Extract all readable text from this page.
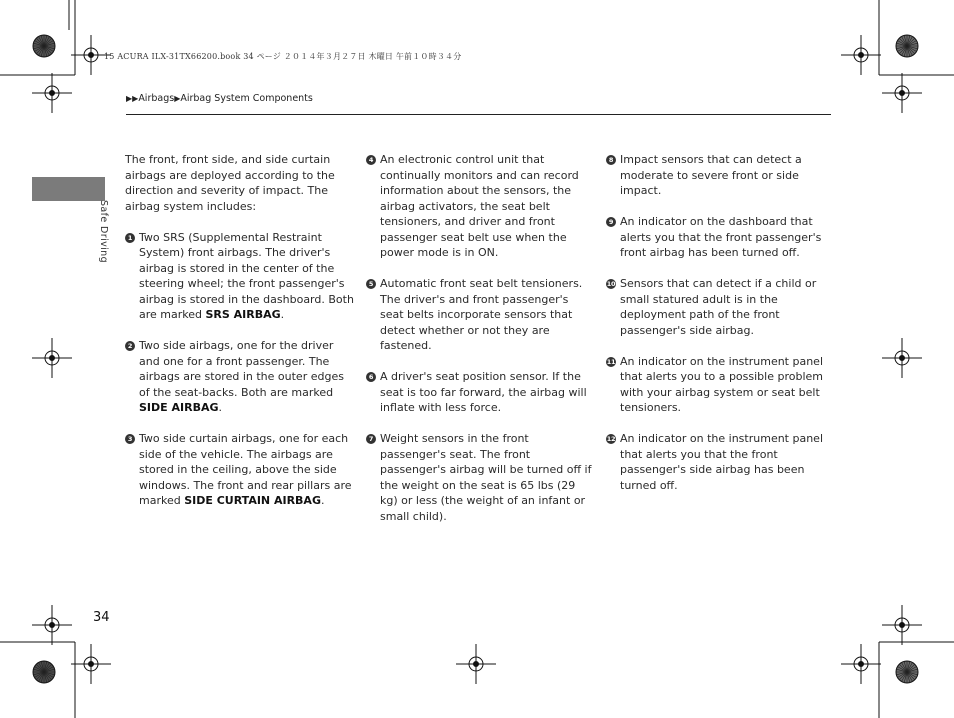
15 ACURA ILX-31TX66200.book 34 ページ ２０１４年３月２７日 木曜日 午前１０時３４分
▶▶Airbags▶Airbag System Components
Safe Driving

The front, front side, and side curtain airbags are deployed according to the direction and severity of impact. The airbag system includes:

1 Two SRS (Supplemental Restraint System) front airbags. The driver's airbag is stored in the center of the steering wheel; the front passenger's airbag is stored in the dashboard. Both are marked SRS AIRBAG.
2 Two side airbags, one for the driver and one for a front passenger. The airbags are stored in the outer edges of the seat-backs. Both are marked SIDE AIRBAG.
3 Two side curtain airbags, one for each side of the vehicle. The airbags are stored in the ceiling, above the side windows. The front and rear pillars are marked SIDE CURTAIN AIRBAG.
4 An electronic control unit that continually monitors and can record information about the sensors, the airbag activators, the seat belt tensioners, and driver and front passenger seat belt use when the power mode is in ON.
5 Automatic front seat belt tensioners. The driver's and front passenger's seat belts incorporate sensors that detect whether or not they are fastened.
6 A driver's seat position sensor. If the seat is too far forward, the airbag will inflate with less force.
7 Weight sensors in the front passenger's seat. The front passenger's airbag will be turned off if the weight on the seat is 65 lbs (29 kg) or less (the weight of an infant or small child).
8 Impact sensors that can detect a moderate to severe front or side impact.
9 An indicator on the dashboard that alerts you that the front passenger's front airbag has been turned off.
10 Sensors that can detect if a child or small statured adult is in the deployment path of the front passenger's side airbag.
11 An indicator on the instrument panel that alerts you to a possible problem with your airbag system or seat belt tensioners.
12 An indicator on the instrument panel that alerts you that the front passenger's side airbag has been turned off.
34
